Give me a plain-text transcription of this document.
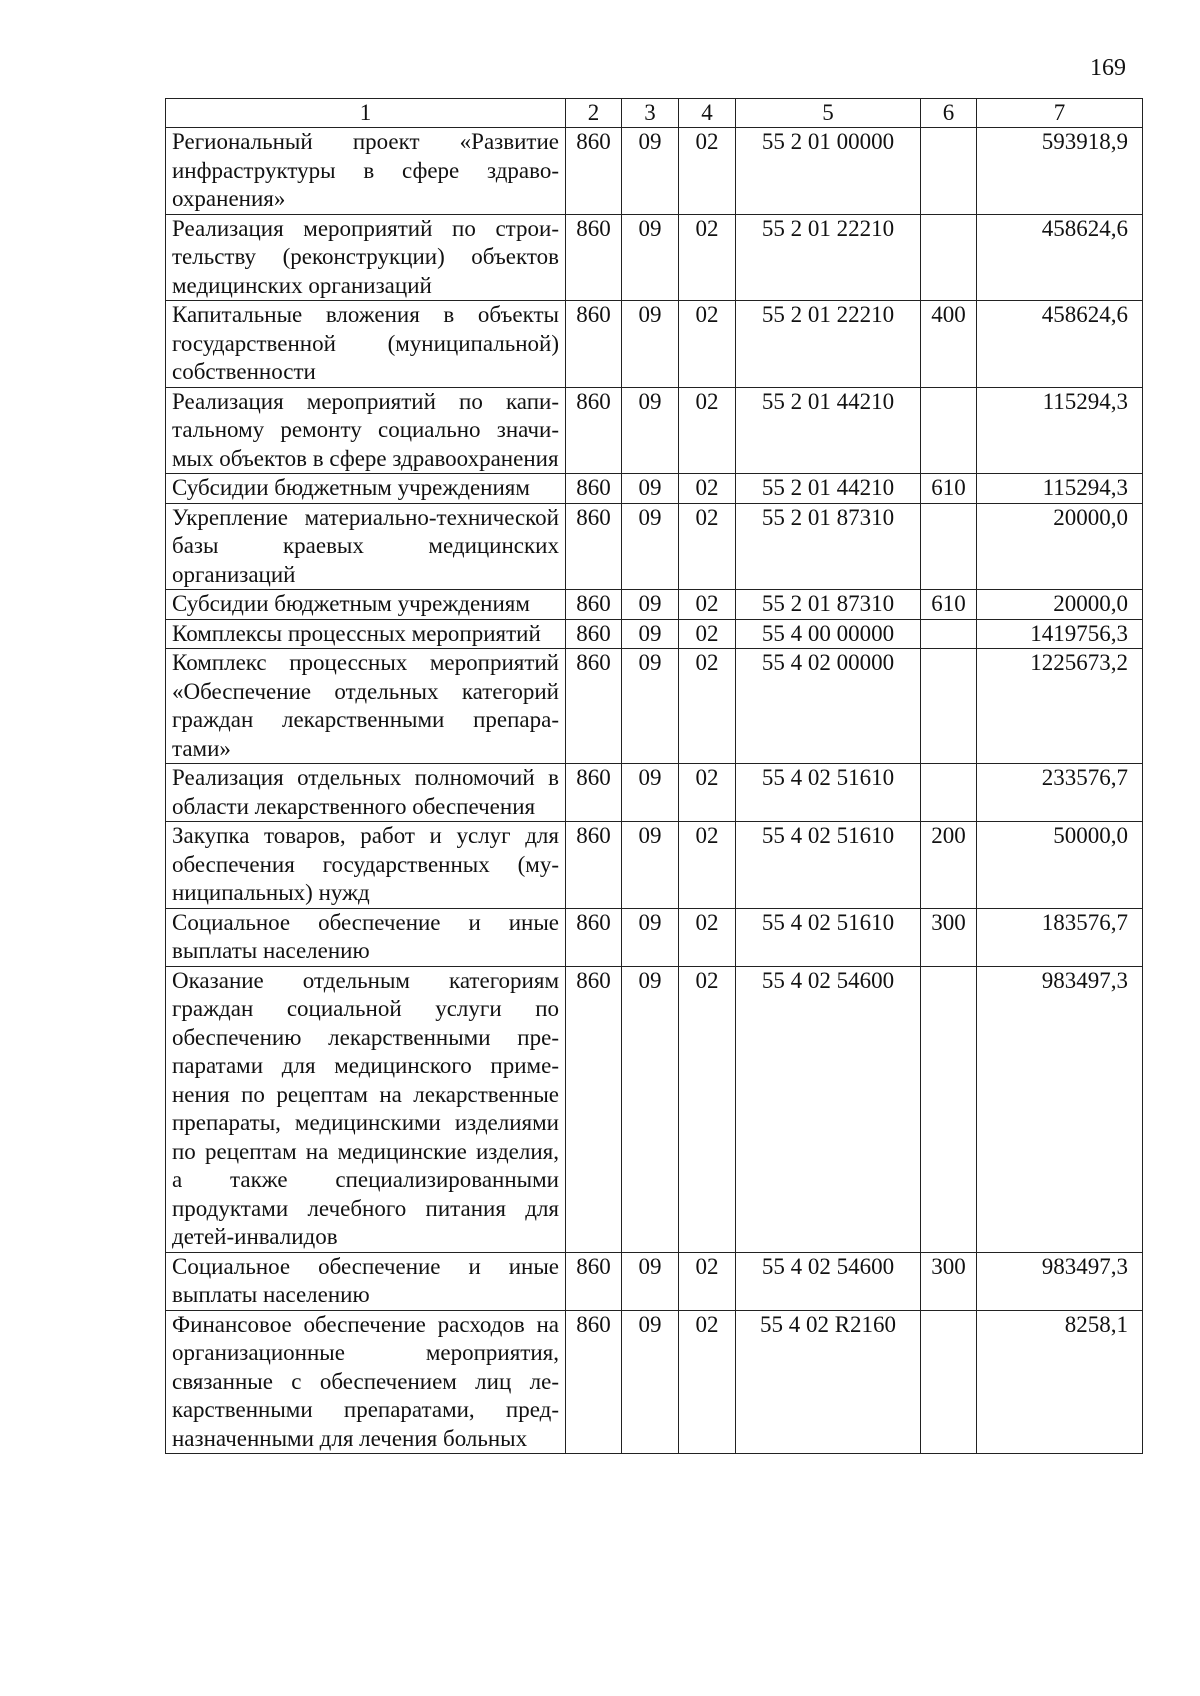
169
1	2	3	4	5	6	7
Региональный проект «Развитие инфраструктуры в сфере здравоохранения»	860	09	02	55 2 01 00000		593918,9
Реализация мероприятий по строительству (реконструкции) объектов медицинских организаций	860	09	02	55 2 01 22210		458624,6
Капитальные вложения в объекты государственной (муниципальной) собственности	860	09	02	55 2 01 22210	400	458624,6
Реализация мероприятий по капитальному ремонту социально значимых объектов в сфере здравоохранения	860	09	02	55 2 01 44210		115294,3
Субсидии бюджетным учреждениям	860	09	02	55 2 01 44210	610	115294,3
Укрепление материально-технической базы краевых медицинских организаций	860	09	02	55 2 01 87310		20000,0
Субсидии бюджетным учреждениям	860	09	02	55 2 01 87310	610	20000,0
Комплексы процессных мероприятий	860	09	02	55 4 00 00000		1419756,3
Комплекс процессных мероприятий «Обеспечение отдельных категорий граждан лекарственными препаратами»	860	09	02	55 4 02 00000		1225673,2
Реализация отдельных полномочий в области лекарственного обеспечения	860	09	02	55 4 02 51610		233576,7
Закупка товаров, работ и услуг для обеспечения государственных (муниципальных) нужд	860	09	02	55 4 02 51610	200	50000,0
Социальное обеспечение и иные выплаты населению	860	09	02	55 4 02 51610	300	183576,7
Оказание отдельным категориям граждан социальной услуги по обеспечению лекарственными препаратами для медицинского применения по рецептам на лекарственные препараты, медицинскими изделиями по рецептам на медицинские изделия, а также специализированными продуктами лечебного питания для детей-инвалидов	860	09	02	55 4 02 54600		983497,3
Социальное обеспечение и иные выплаты населению	860	09	02	55 4 02 54600	300	983497,3
Финансовое обеспечение расходов на организационные мероприятия, связанные с обеспечением лиц лекарственными препаратами, предназначенными для лечения больных	860	09	02	55 4 02 R2160		8258,1
